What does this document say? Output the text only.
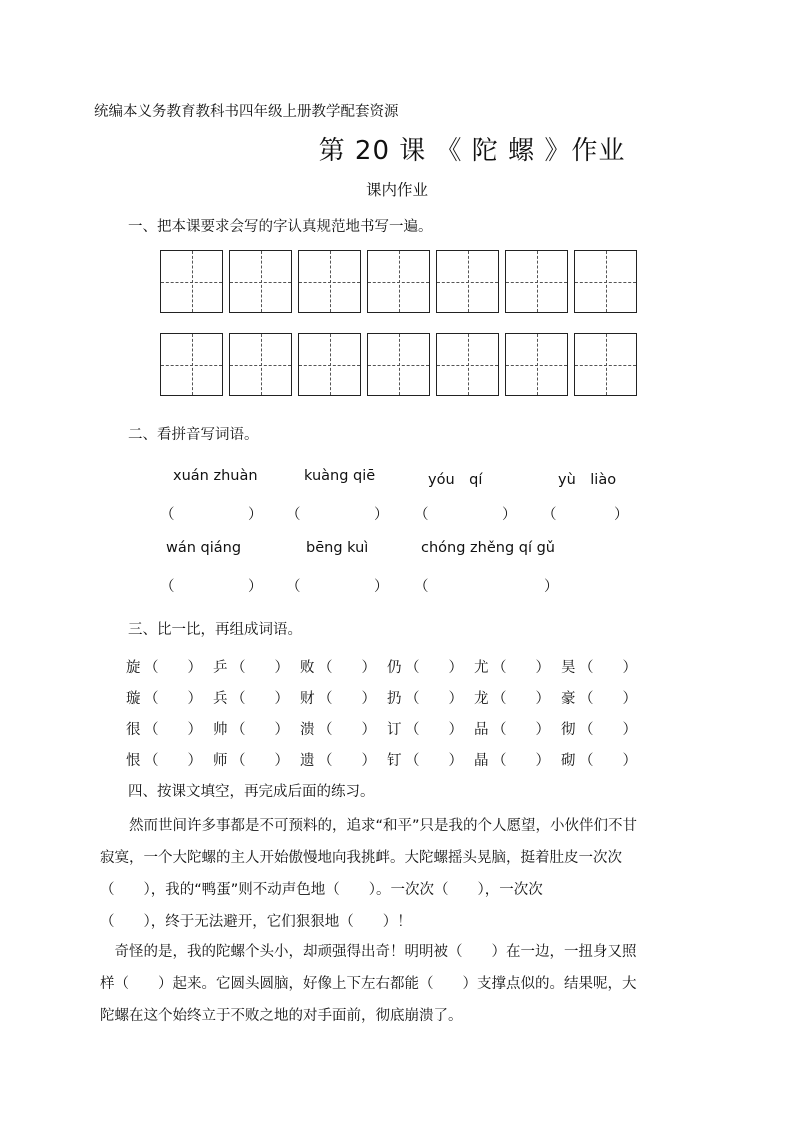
统编本义务教育教科书四年级上册教学配套资源
第 20 课 《 陀 螺 》作业
课内作业
一、把本课要求会写的字认真规范地书写一遍。
二、看拼音写词语。
xuán zhuàn	kuàng qiē	yóu　qí	yù　liào
（	） （	） （	） （	）
wán qiáng	bēng kuì	chóng zhěng qí gǔ
（	） （	） （	）
三、比一比，再组成词语。
旋 （　　） 乒 （　　） 败 （　　） 仍 （　　） 尤 （　　） 昊 （　　）
璇 （　　） 兵 （　　） 财 （　　） 扔 （　　） 龙 （　　） 豪 （　　）
很 （　　） 帅 （　　） 溃 （　　） 订 （　　） 品 （　　） 彻 （　　）
恨 （　　） 师 （　　） 遗 （　　） 钉 （　　） 晶 （　　） 砌 （　　）
四、按课文填空，再完成后面的练习。
　　然而世间许多事都是不可预料的，追求“和平”只是我的个人愿望，小伙伴们不甘
寂寞，一个大陀螺的主人开始傲慢地向我挑衅。大陀螺摇头晃脑，挺着肚皮一次次
（　　），我的“鸭蛋”则不动声色地（　　）。一次次（　　），一次次
（　　），终于无法避开，它们狠狠地（　　）！
　奇怪的是，我的陀螺个头小，却顽强得出奇！明明被（　　）在一边，一扭身又照
样（　　）起来。它圆头圆脑，好像上下左右都能（　　）支撑点似的。结果呢，大
陀螺在这个始终立于不败之地的对手面前，彻底崩溃了。
